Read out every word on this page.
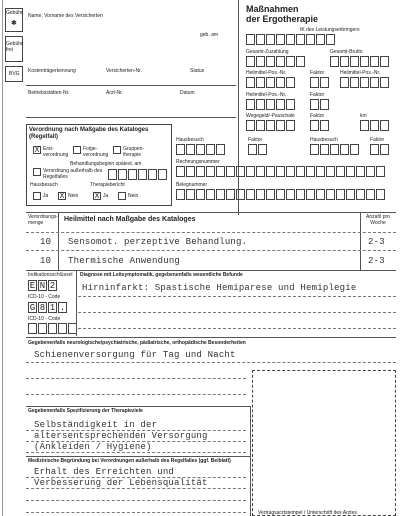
Gebühr
✱
Gebühr frei
BVG
Name, Vorname des Versicherten
geb. am
Kostenträgerkennung	Versicherten-Nr.	Status
Betriebsstätten-Nr.	Arzt-Nr.	Datum
Maßnahmen
der Ergotherapie
IK des Leistungserbringers
Gesamt-Zuzahlung	Gesamt-Brutto
Heilmittel-Pos.-Nr.	Faktor	Heilmittel-Pos.-Nr.
Heilmittel-Pos.-Nr.	Faktor
Wegegeld/-Pauschale	Faktor	km
Hausbesuch	Faktor	Hausbesuch	Faktor
Rechnungsnummer
Belegnummer
Verordnung nach Maßgabe des Kataloges
(Regelfall)
X Erst-verordnung
Folge-verordnung
Gruppen-therapie
Behandlungsbeginn spätest. am
Verordnung außerhalb des Regelfalles
Hausbesuch	Therapiebericht
Ja X Nein X Ja	Nein
Verordnungs-menge	Heilmittel nach Maßgabe des Kataloges	Anzahl pro Woche
10 Sensomot. perzeptive Behandlung.	2-3
10 Thermische Anwendung	2-3
Indikationsschlüssel
E N 2
ICD-10 - Code
G 8 1 .
ICD-10 - Code
Diagnose mit Leitsymptomatik, gegebenenfalls wesentliche Befunde
Hirninfarkt: Spastische Hemiparese und Hemiplegie
Gegebenenfalls neurologische/psychiatrische, pädiatrische, orthopädische Besonderheiten
Schienenversorgung für Tag und Nacht
Gegebenenfalls Spezifizierung der Therapieziele
Selbständigkeit in der
altersentsprechenden Versorgung
(Ankleiden / Hygiene)
Medizinische Begründung bei Verordnungen außerhalb des Regelfalles (ggf. Beiblatt)
Erhalt des Erreichten und
Verbesserung der Lebensqualität
Vertragsarztstempel / Unterschrift des Arztes
